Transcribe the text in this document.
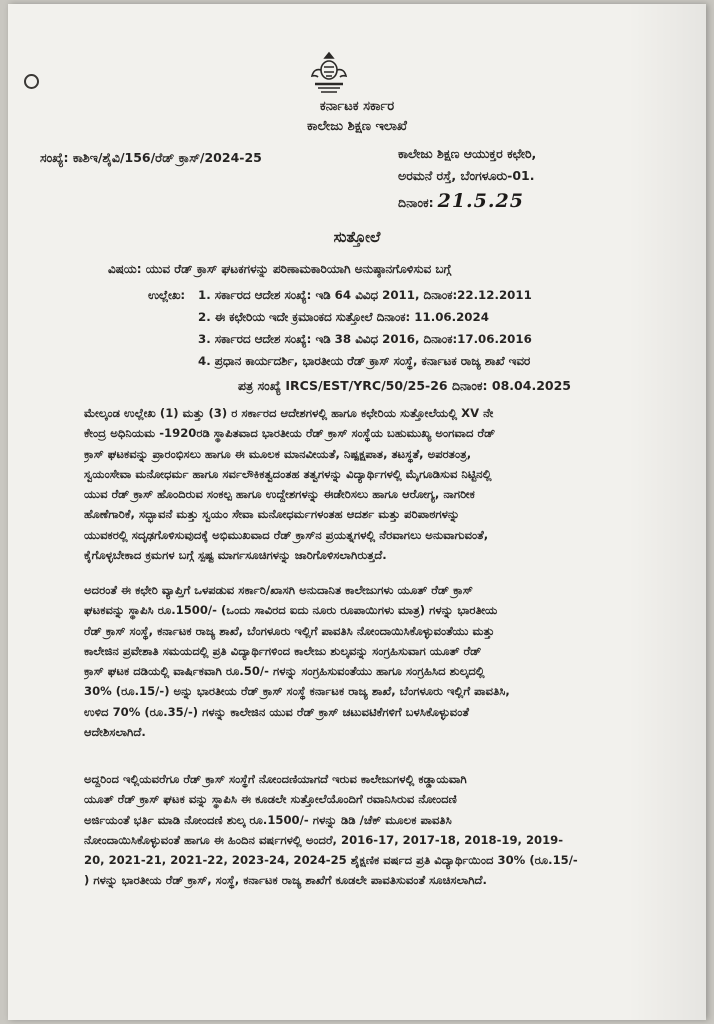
ಕರ್ನಾಟಕ ಸರ್ಕಾರ
ಕಾಲೇಜು ಶಿಕ್ಷಣ ಇಲಾಖೆ
ಸಂಖ್ಯೆ: ಕಾಶಿಇ/ಶೈವಿ/156/ರೆಡ್ ಕ್ರಾಸ್/2024-25	ಕಾಲೇಜು ಶಿಕ್ಷಣ ಆಯುಕ್ತರ ಕಛೇರಿ,
ಅರಮನೆ ರಸ್ತೆ, ಬೆಂಗಳೂರು-01.
ದಿನಾಂಕ: 21.5.25
ಸುತ್ತೋಲೆ
ವಿಷಯ: ಯುವ ರೆಡ್ ಕ್ರಾಸ್ ಘಟಕಗಳನ್ನು ಪರಿಣಾಮಕಾರಿಯಾಗಿ ಅನುಷ್ಠಾನಗೊಳಿಸುವ ಬಗ್ಗೆ
ಉಲ್ಲೇಖ: 1. ಸರ್ಕಾರದ ಆದೇಶ ಸಂಖ್ಯೆ: ಇಡಿ 64 ವಿವಿಧ 2011, ದಿನಾಂಕ:22.12.2011
2. ಈ ಕಛೇರಿಯ ಇದೇ ಕ್ರಮಾಂಕದ ಸುತ್ತೋಲೆ ದಿನಾಂಕ: 11.06.2024
3. ಸರ್ಕಾರದ ಆದೇಶ ಸಂಖ್ಯೆ: ಇಡಿ 38 ವಿವಿಧ 2016, ದಿನಾಂಕ:17.06.2016
4. ಪ್ರಧಾನ ಕಾರ್ಯದರ್ಶಿ, ಭಾರತೀಯ ರೆಡ್ ಕ್ರಾಸ್ ಸಂಸ್ಥೆ, ಕರ್ನಾಟಕ ರಾಜ್ಯ ಶಾಖೆ ಇವರ
ಪತ್ರ ಸಂಖ್ಯೆ IRCS/EST/YRC/50/25-26 ದಿನಾಂಕ: 08.04.2025
ಮೇಲ್ಕಂಡ ಉಲ್ಲೇಖ (1) ಮತ್ತು (3) ರ ಸರ್ಕಾರದ ಆದೇಶಗಳಲ್ಲಿ ಹಾಗೂ ಕಛೇರಿಯ ಸುತ್ತೋಲೆಯಲ್ಲಿ XV ನೇ
ಕೇಂದ್ರ ಅಧಿನಿಯಮ -1920ರಡಿ ಸ್ಥಾಪಿತವಾದ ಭಾರತೀಯ ರೆಡ್ ಕ್ರಾಸ್ ಸಂಸ್ಥೆಯ ಬಹುಮುಖ್ಯ ಅಂಗವಾದ ರೆಡ್
ಕ್ರಾಸ್ ಘಟಕವನ್ನು ಪ್ರಾರಂಭಿಸಲು ಹಾಗೂ ಈ ಮೂಲಕ ಮಾನವೀಯತೆ, ನಿಷ್ಪಕ್ಷಪಾತ, ತಟಸ್ಥತೆ, ಅಪರತಂತ್ರ,
ಸ್ವಯಂಸೇವಾ ಮನೋಧರ್ಮ ಹಾಗೂ ಸರ್ವಲೌಕಿಕತ್ವದಂತಹ ತತ್ವಗಳನ್ನು ವಿದ್ಯಾರ್ಥಿಗಳಲ್ಲಿ ಮೈಗೂಡಿಸುವ ನಿಟ್ಟಿನಲ್ಲಿ
ಯುವ ರೆಡ್ ಕ್ರಾಸ್ ಹೊಂದಿರುವ ಸಂಕಲ್ಪ ಹಾಗೂ ಉದ್ದೇಶಗಳನ್ನು ಈಡೇರಿಸಲು ಹಾಗೂ ಆರೋಗ್ಯ, ನಾಗರೀಕ
ಹೊಣೆಗಾರಿಕೆ, ಸದ್ಭಾವನೆ ಮತ್ತು ಸ್ವಯಂ ಸೇವಾ ಮನೋಧರ್ಮಗಳಂತಹ ಆದರ್ಶ ಮತ್ತು ಪರಿಪಾಠಗಳನ್ನು
ಯುವಕರಲ್ಲಿ ಸದೃಢಗೊಳಿಸುವುದಕ್ಕೆ ಅಭಿಮುಖವಾದ ರೆಡ್ ಕ್ರಾಸ್‌ನ ಪ್ರಯತ್ನಗಳಲ್ಲಿ ನೆರವಾಗಲು ಅನುವಾಗುವಂತೆ,
ಕೈಗೊಳ್ಳಬೇಕಾದ ಕ್ರಮಗಳ ಬಗ್ಗೆ ಸ್ಪಷ್ಟ ಮಾರ್ಗಸೂಚಿಗಳನ್ನು ಜಾರಿಗೊಳಿಸಲಾಗಿರುತ್ತದೆ.
ಅದರಂತೆ ಈ ಕಛೇರಿ ವ್ಯಾಪ್ತಿಗೆ ಒಳಪಡುವ ಸರ್ಕಾರಿ/ಖಾಸಗಿ ಅನುದಾನಿತ ಕಾಲೇಜುಗಳು ಯೂತ್ ರೆಡ್ ಕ್ರಾಸ್
ಘಟಕವನ್ನು ಸ್ಥಾಪಿಸಿ ರೂ.1500/- (ಒಂದು ಸಾವಿರದ ಐದು ನೂರು ರೂಪಾಯಿಗಳು ಮಾತ್ರ) ಗಳನ್ನು ಭಾರತೀಯ
ರೆಡ್ ಕ್ರಾಸ್ ಸಂಸ್ಥೆ, ಕರ್ನಾಟಕ ರಾಜ್ಯ ಶಾಖೆ, ಬೆಂಗಳೂರು ಇಲ್ಲಿಗೆ ಪಾವತಿಸಿ ನೋಂದಾಯಿಸಿಕೊಳ್ಳುವಂತೆಯು ಮತ್ತು
ಕಾಲೇಜಿನ ಪ್ರವೇಶಾತಿ ಸಮಯದಲ್ಲಿ ಪ್ರತಿ ವಿದ್ಯಾರ್ಥಿಗಳಿಂದ ಕಾಲೇಜು ಶುಲ್ಕವನ್ನು ಸಂಗ್ರಹಿಸುವಾಗ ಯೂತ್ ರೆಡ್
ಕ್ರಾಸ್ ಘಟಕ ದಡಿಯಲ್ಲಿ ವಾರ್ಷಿಕವಾಗಿ ರೂ.50/- ಗಳನ್ನು ಸಂಗ್ರಹಿಸುವಂತೆಯು ಹಾಗೂ ಸಂಗ್ರಹಿಸಿದ ಶುಲ್ಕದಲ್ಲಿ
30% (ರೂ.15/-) ಅನ್ನು ಭಾರತೀಯ ರೆಡ್ ಕ್ರಾಸ್ ಸಂಸ್ಥೆ ಕರ್ನಾಟಕ ರಾಜ್ಯ ಶಾಖೆ, ಬೆಂಗಳೂರು ಇಲ್ಲಿಗೆ ಪಾವತಿಸಿ,
ಉಳಿದ 70% (ರೂ.35/-) ಗಳನ್ನು ಕಾಲೇಜಿನ ಯುವ ರೆಡ್ ಕ್ರಾಸ್ ಚಟುವಟಿಕೆಗಳಿಗೆ ಬಳಸಿಕೊಳ್ಳುವಂತೆ
ಆದೇಶಿಸಲಾಗಿದೆ.
ಅದ್ದರಿಂದ ಇಲ್ಲಿಯವರೆಗೂ ರೆಡ್ ಕ್ರಾಸ್ ಸಂಸ್ಥೆಗೆ ನೋಂದಣಿಯಾಗದೆ ಇರುವ ಕಾಲೇಜುಗಳಲ್ಲಿ ಕಡ್ಡಾಯವಾಗಿ
ಯೂತ್ ರೆಡ್ ಕ್ರಾಸ್ ಘಟಕ ವನ್ನು ಸ್ಥಾಪಿಸಿ ಈ ಕೂಡಲೇ ಸುತ್ತೋಲೆಯೊಂದಿಗೆ ರವಾನಿಸಿರುವ ನೋಂದಣಿ
ಅರ್ಜಿಯಂತೆ ಭರ್ತಿ ಮಾಡಿ ನೋಂದಣಿ ಶುಲ್ಕ ರೂ.1500/- ಗಳನ್ನು ಡಿಡಿ /ಚೆಕ್ ಮೂಲಕ ಪಾವತಿಸಿ
ನೋಂದಾಯಿಸಿಕೊಳ್ಳುವಂತೆ ಹಾಗೂ ಈ ಹಿಂದಿನ ವರ್ಷಗಳಲ್ಲಿ ಅಂದರೆ, 2016-17, 2017-18, 2018-19, 2019-
20, 2021-21, 2021-22, 2023-24, 2024-25 ಶೈಕ್ಷಣಿಕ ವರ್ಷದ ಪ್ರತಿ ವಿದ್ಯಾರ್ಥಿಯಿಂದ 30% (ರೂ.15/-
) ಗಳನ್ನು ಭಾರತೀಯ ರೆಡ್ ಕ್ರಾಸ್, ಸಂಸ್ಥೆ, ಕರ್ನಾಟಕ ರಾಜ್ಯ ಶಾಖೆಗೆ ಕೂಡಲೇ ಪಾವತಿಸುವಂತೆ ಸೂಚಿಸಲಾಗಿದೆ.
